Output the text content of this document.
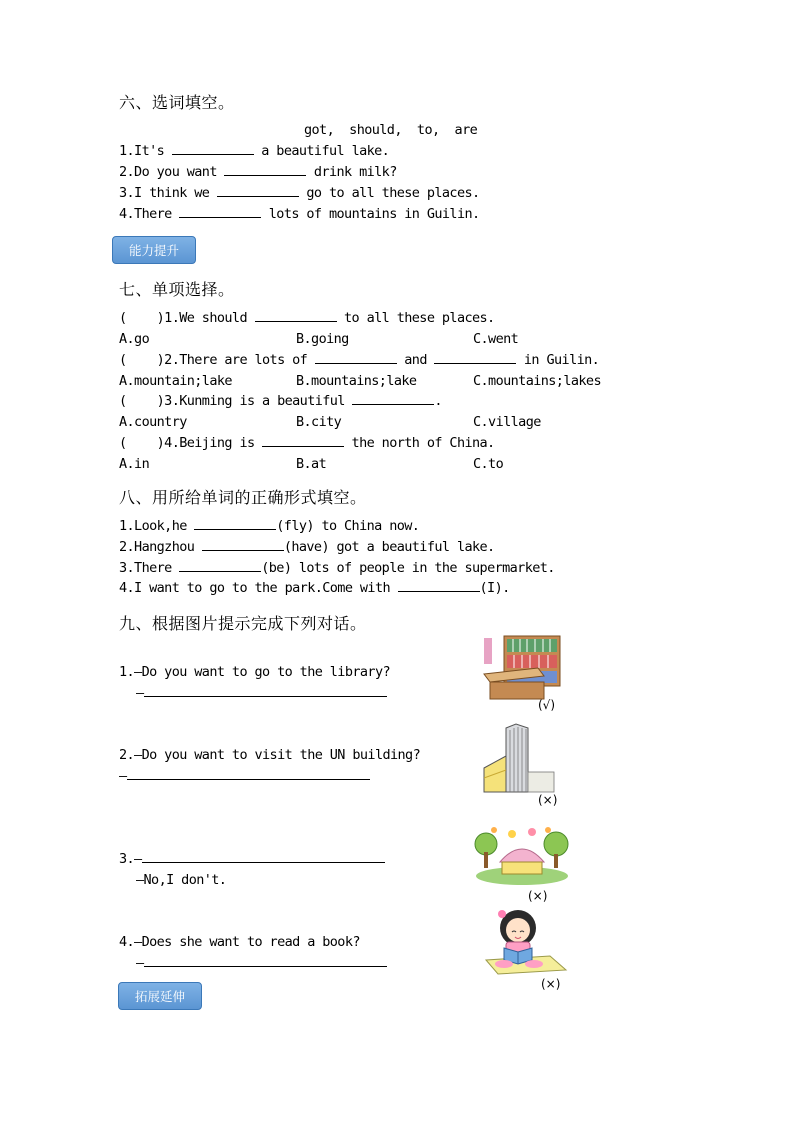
六、选词填空。
got,  should,  to,  are
1.It's	a beautiful lake.
2.Do you want	drink milk?
3.I think we	go to all these places.
4.There	lots of mountains in Guilin.
能力提升
七、单项选择。
(    )1.We should	to all these places.
A.go	B.going	C.went
(    )2.There are lots of	and	in Guilin.
A.mountain;lake	B.mountains;lake	C.mountains;lakes
(    )3.Kunming is a beautiful	.
A.country	B.city	C.village
(    )4.Beijing is	the north of China.
A.in	B.at	C.to
八、用所给单词的正确形式填空。
1.Look,he	(fly) to China now.
2.Hangzhou	(have) got a beautiful lake.
3.There	(be) lots of people in the supermarket.
4.I want to go to the park.Come with	(I).
九、根据图片提示完成下列对话。
1.—Do you want to go to the library?
—
(√)
2.—Do you want to visit the UN building?
—
(×)
3.—
—No,I don't.
(×)
4.—Does she want to read a book?
—
(×)
拓展延伸
